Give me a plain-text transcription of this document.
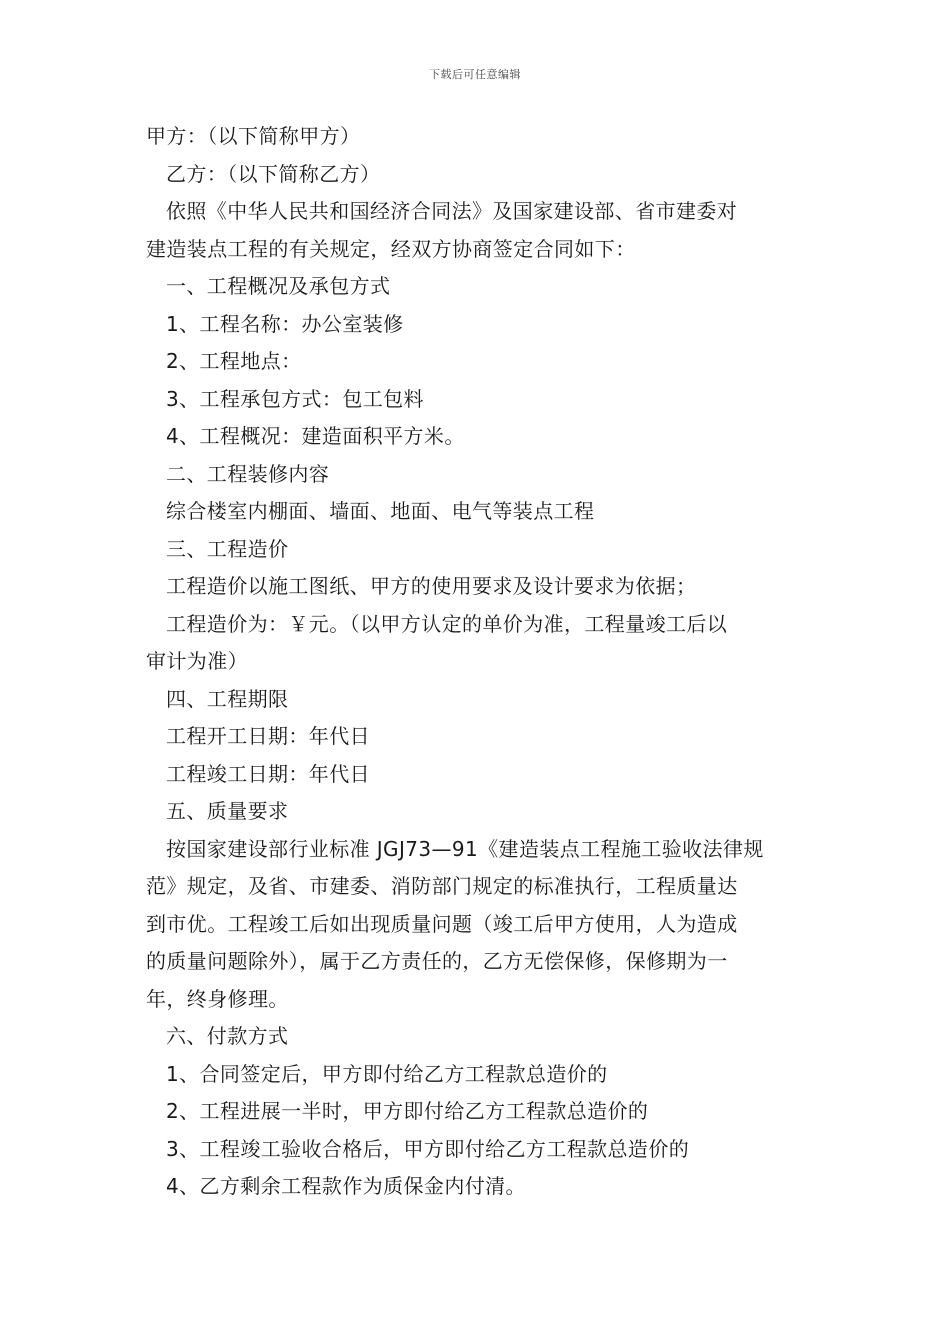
下载后可任意编辑
甲方：（以下简称甲方）
乙方：（以下简称乙方）
依照《中华人民共和国经济合同法》及国家建设部、省市建委对
建造装点工程的有关规定，经双方协商签定合同如下：
一、工程概况及承包方式
1、工程名称：办公室装修
2、工程地点：
3、工程承包方式：包工包料
4、工程概况：建造面积平方米。
二、工程装修内容
综合楼室内棚面、墙面、地面、电气等装点工程
三、工程造价
工程造价以施工图纸、甲方的使用要求及设计要求为依据；
工程造价为：￥元。（以甲方认定的单价为准，工程量竣工后以
审计为准）
四、工程期限
工程开工日期：年代日
工程竣工日期：年代日
五、质量要求
按国家建设部行业标准 JGJ73—91《建造装点工程施工验收法律规
范》规定，及省、市建委、消防部门规定的标准执行，工程质量达
到市优。工程竣工后如出现质量问题（竣工后甲方使用，人为造成
的质量问题除外），属于乙方责任的，乙方无偿保修，保修期为一
年，终身修理。
六、付款方式
1、合同签定后，甲方即付给乙方工程款总造价的
2、工程进展一半时，甲方即付给乙方工程款总造价的
3、工程竣工验收合格后，甲方即付给乙方工程款总造价的
4、乙方剩余工程款作为质保金内付清。
